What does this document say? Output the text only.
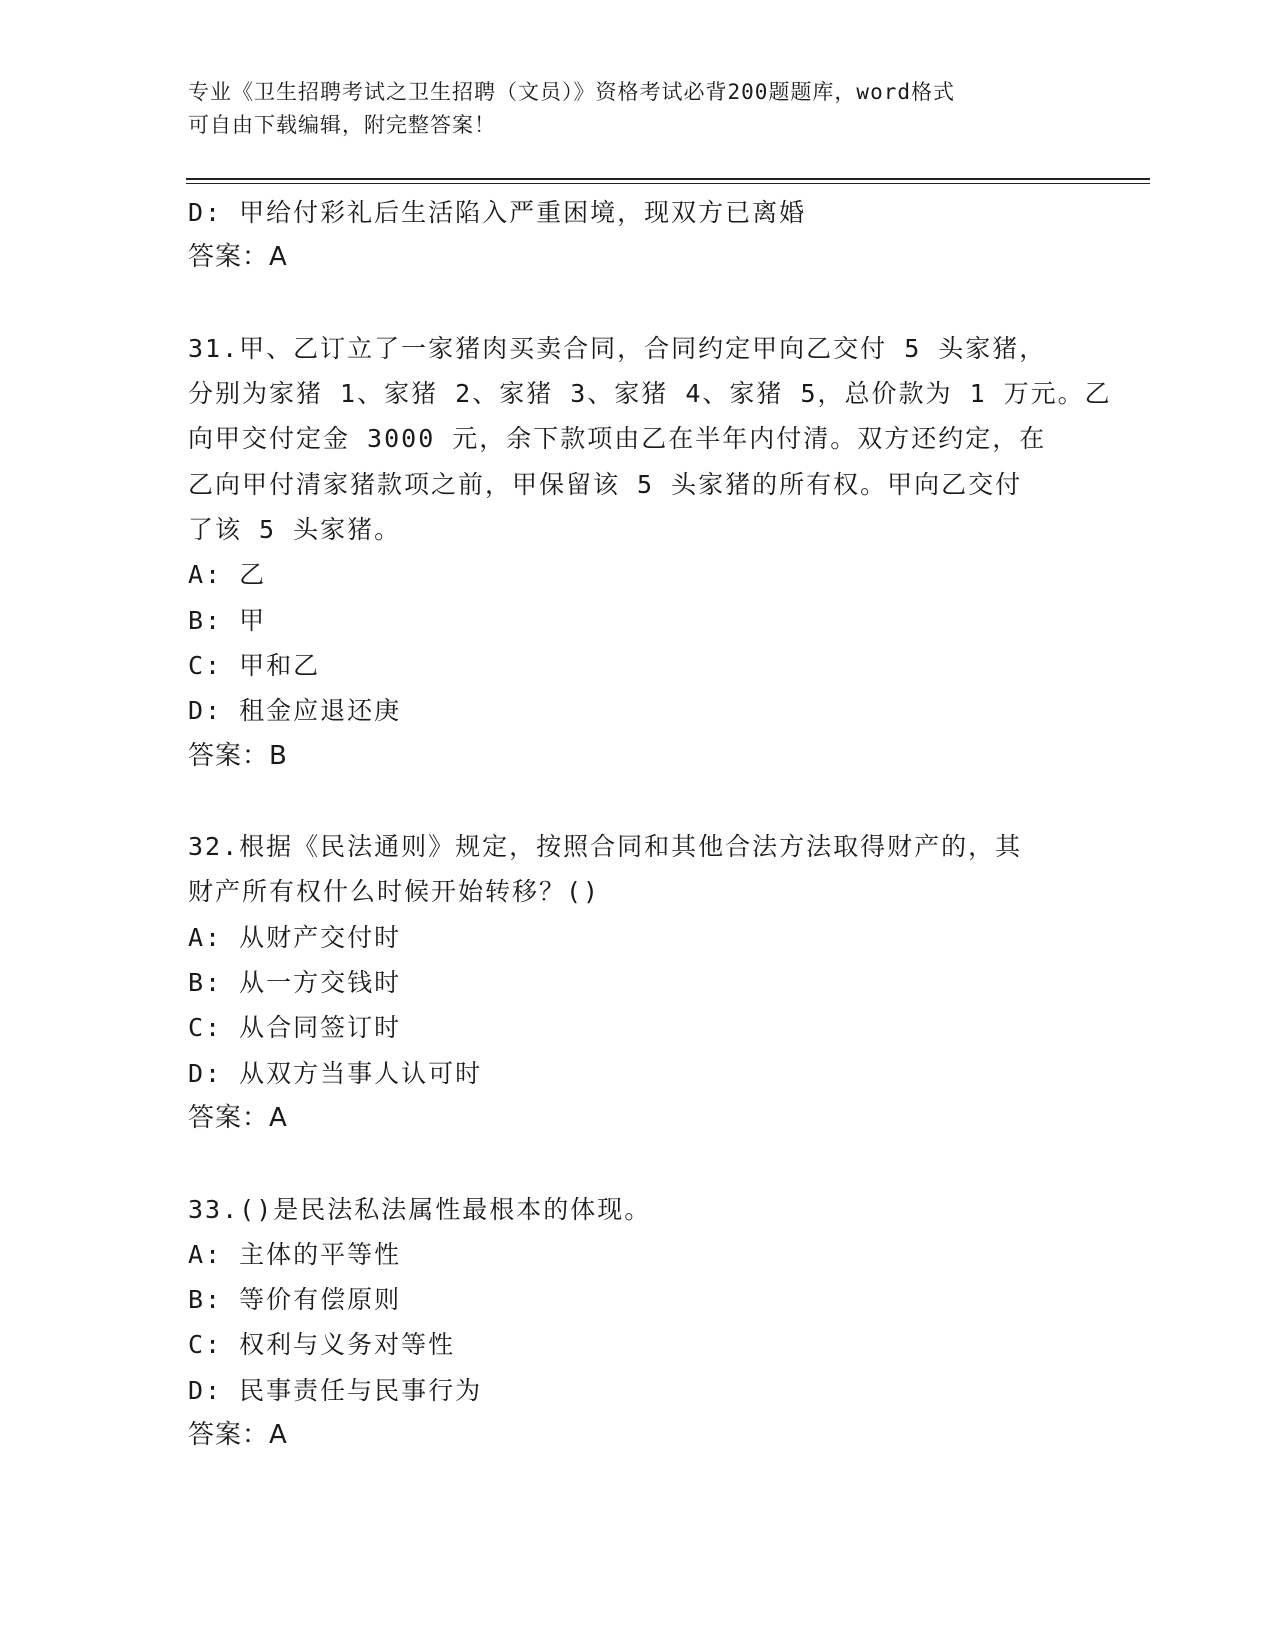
专业《卫生招聘考试之卫生招聘（文员）》资格考试必背200题题库，word格式
可自由下载编辑，附完整答案！
D: 甲给付彩礼后生活陷入严重困境，现双方已离婚
答案：A
31.甲、乙订立了一家猪肉买卖合同，合同约定甲向乙交付 5 头家猪，
分别为家猪 1、家猪 2、家猪 3、家猪 4、家猪 5，总价款为 1 万元。乙
向甲交付定金 3000 元，余下款项由乙在半年内付清。双方还约定，在
乙向甲付清家猪款项之前，甲保留该 5 头家猪的所有权。甲向乙交付
了该 5 头家猪。
A: 乙
B: 甲
C: 甲和乙
D: 租金应退还庚
答案：B
32.根据《民法通则》规定，按照合同和其他合法方法取得财产的，其
财产所有权什么时候开始转移？()
A: 从财产交付时
B: 从一方交钱时
C: 从合同签订时
D: 从双方当事人认可时
答案：A
33.()是民法私法属性最根本的体现。
A: 主体的平等性
B: 等价有偿原则
C: 权利与义务对等性
D: 民事责任与民事行为
答案：A
